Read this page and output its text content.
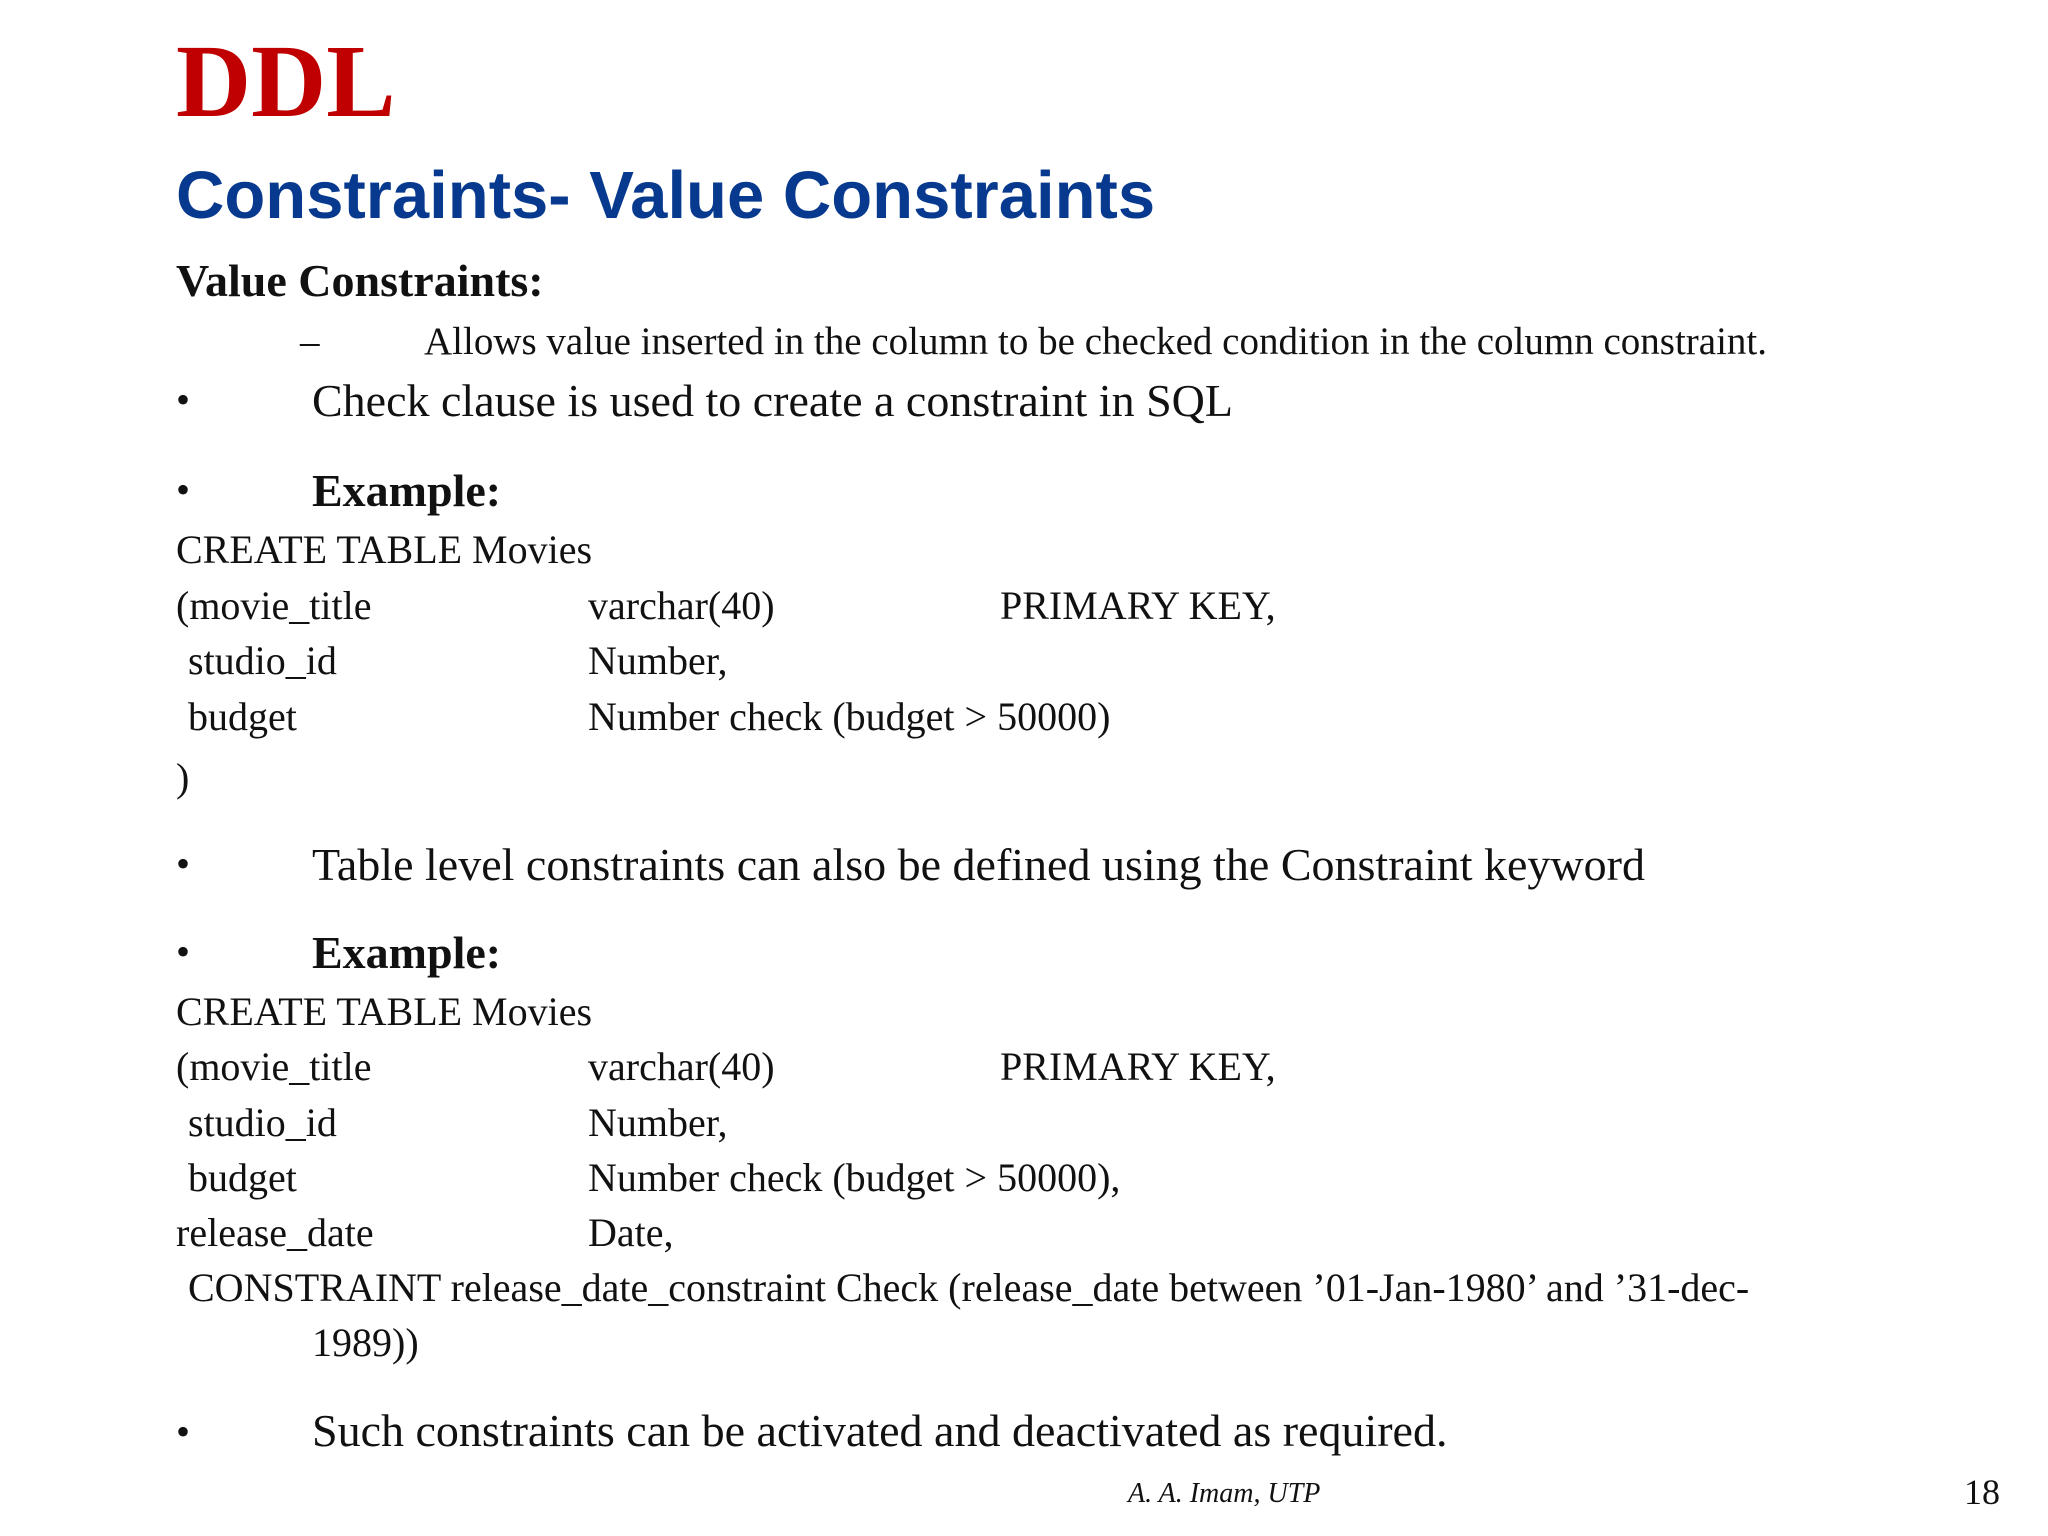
DDL
Constraints- Value Constraints
Value Constraints:
–	Allows value inserted in the column to be checked condition in the column constraint.
•	Check clause is used to create a constraint in SQL
•	Example:
CREATE TABLE Movies
(movie_title	varchar(40)	PRIMARY KEY,
studio_id	Number,
budget	Number check (budget > 50000)
)
•	Table level constraints can also be defined using the Constraint keyword
•	Example:
CREATE TABLE Movies
(movie_title	varchar(40)	PRIMARY KEY,
studio_id	Number,
budget	Number check (budget > 50000),
release_date	Date,
CONSTRAINT release_date_constraint Check (release_date between ’01-Jan-1980’ and ’31-dec-
1989))
•	Such constraints can be activated and deactivated as required.
A. A. Imam, UTP	18
